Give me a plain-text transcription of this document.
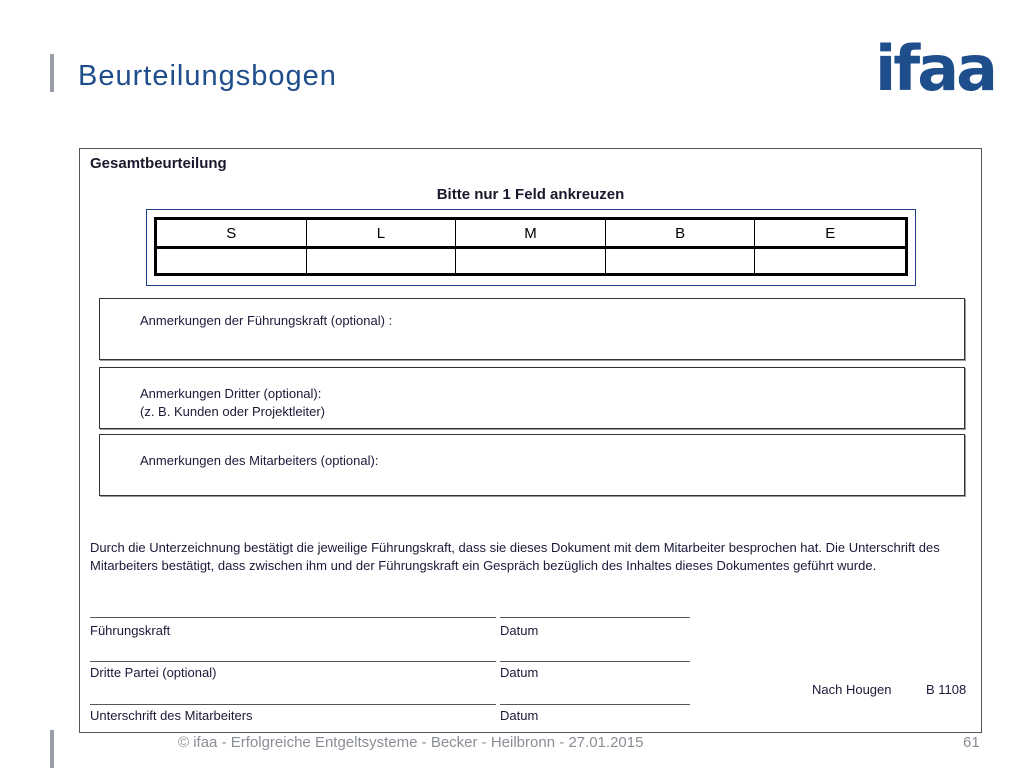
Beurteilungsbogen	ifaa
Gesamtbeurteilung
Bitte nur 1 Feld ankreuzen
S	L	M	B	E
Anmerkungen der Führungskraft (optional) :
Anmerkungen Dritter (optional):
(z. B. Kunden oder Projektleiter)
Anmerkungen des Mitarbeiters (optional):
Durch die Unterzeichnung bestätigt die jeweilige Führungskraft, dass sie dieses Dokument mit dem Mitarbeiter besprochen hat. Die Unterschrift des Mitarbeiters bestätigt, dass zwischen ihm und der Führungskraft ein Gespräch bezüglich des Inhaltes dieses Dokumentes geführt wurde.
Führungskraft	Datum
Dritte Partei (optional)	Datum
Nach Hougen	B 1108
Unterschrift des Mitarbeiters	Datum
© ifaa - Erfolgreiche Entgeltsysteme - Becker - Heilbronn - 27.01.2015	61
